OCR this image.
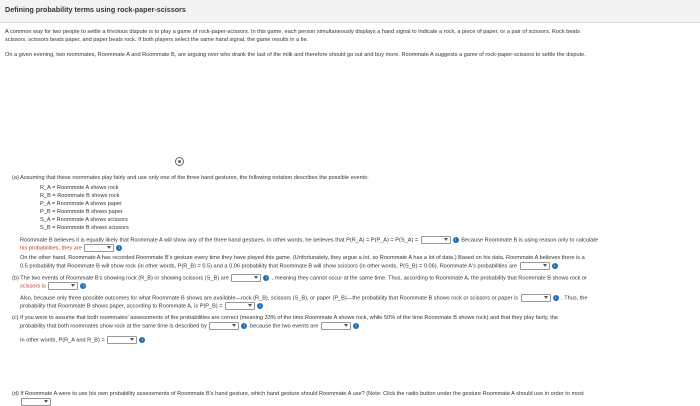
Defining probability terms using rock-paper-scissors
A common way for two people to settle a frivolous dispute is to play a game of rock-paper-scissors. In this game, each person simultaneously displays a hand signal to indicate a rock, a piece of paper, or a pair of scissors. Rock beats
scissors, scissors beats paper, and paper beats rock. If both players select the same hand signal, the game results in a tie.
On a given evening, two roommates, Roommate A and Roommate B, are arguing over who drank the last of the milk and therefore should go out and buy more. Roommate A suggests a game of rock-paper-scissors to settle the dispute.
(a) Assuming that these roommates play fairly and use only one of the three hand gestures, the following notation describes the possible events:
R_A = Roommate A shows rock
R_B = Roommate B shows rock
P_A = Roommate A shows paper
P_B = Roommate B shows paper
S_A = Roommate A shows scissors
S_B = Roommate B shows scissors
Roommate B believes it is equally likely that Roommate A will show any of the three hand gestures. In other words, he believes that P(R_A) = P(P_A) = P(S_A) =	i Because Roommate B is using reason only to calculate
his probabilities, they are	i
On the other hand, Roommate A has recorded Roommate B's gesture every time they have played this game. (Unfortunately, they argue a lot, so Roommate A has a lot of data.) Based on his data, Roommate A believes there is a
0.5 probability that Roommate B will show rock (in other words, P(R_B) = 0.5) and a 0.06 probability that Roommate B will show scissors (in other words, P(S_B) = 0.06). Roommate A's probabilities are	i
(b) The two events of Roommate B's showing rock (R_B) or showing scissors (S_B) are	i , meaning they cannot occur at the same time. Thus, according to Roommate A, the probability that Roommate B shows rock or
scissors is	i
Also, because only three possible outcomes for what Roommate B shows are available—rock (R_B), scissors (S_B), or paper (P_B)—the probability that Roommate B shows rock or scissors or paper is	i . Thus, the
probability that Roommate B shows paper, according to Roommate A, is P(P_B) =	i
(c) If you were to assume that both roommates' assessments of the probabilities are correct (meaning 33% of the time Roommate A shows rock, while 50% of the time Roommate B shows rock) and that they play fairly, the
probability that both roommates show rock at the same time is described by	i because the two events are	i
In other words, P(R_A and R_B) =	i
(d) If Roommate A were to use his own probability assessments of Roommate B's hand gesture, which hand gesture should Roommate A use? (Note: Click the radio button under the gesture Roommate A should use in order to most
